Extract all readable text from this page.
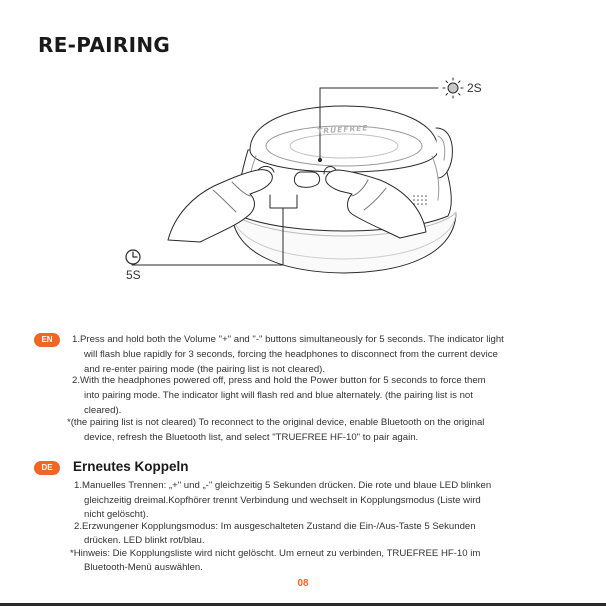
RE-PAIRING
TRUEFREE
2S
5S
EN	1.Press and hold both the Volume "+" and "-" buttons simultaneously for 5 seconds. The indicator light
will flash blue rapidly for 3 seconds, forcing the headphones to disconnect from the current device
and re-enter pairing mode (the pairing list is not cleared).
2.With the headphones powered off, press and hold the Power button for 5 seconds to force them
into pairing mode. The indicator light will flash red and blue alternately. (the pairing list is not
cleared).
*(the pairing list is not cleared) To reconnect to the original device, enable Bluetooth on the original
device, refresh the Bluetooth list, and select "TRUEFREE HF-10" to pair again.
DE	Erneutes Koppeln
1.Manuelles Trennen: „+" und „-" gleichzeitig 5 Sekunden drücken. Die rote und blaue LED blinken
gleichzeitig dreimal.Kopfhörer trennt Verbindung und wechselt in Kopplungsmodus (Liste wird
nicht gelöscht).
2.Erzwungener Kopplungsmodus: Im ausgeschalteten Zustand die Ein-/Aus-Taste 5 Sekunden
drücken. LED blinkt rot/blau.
*Hinweis: Die Kopplungsliste wird nicht gelöscht. Um erneut zu verbinden, TRUEFREE HF-10 im
Bluetooth-Menü auswählen.
08
